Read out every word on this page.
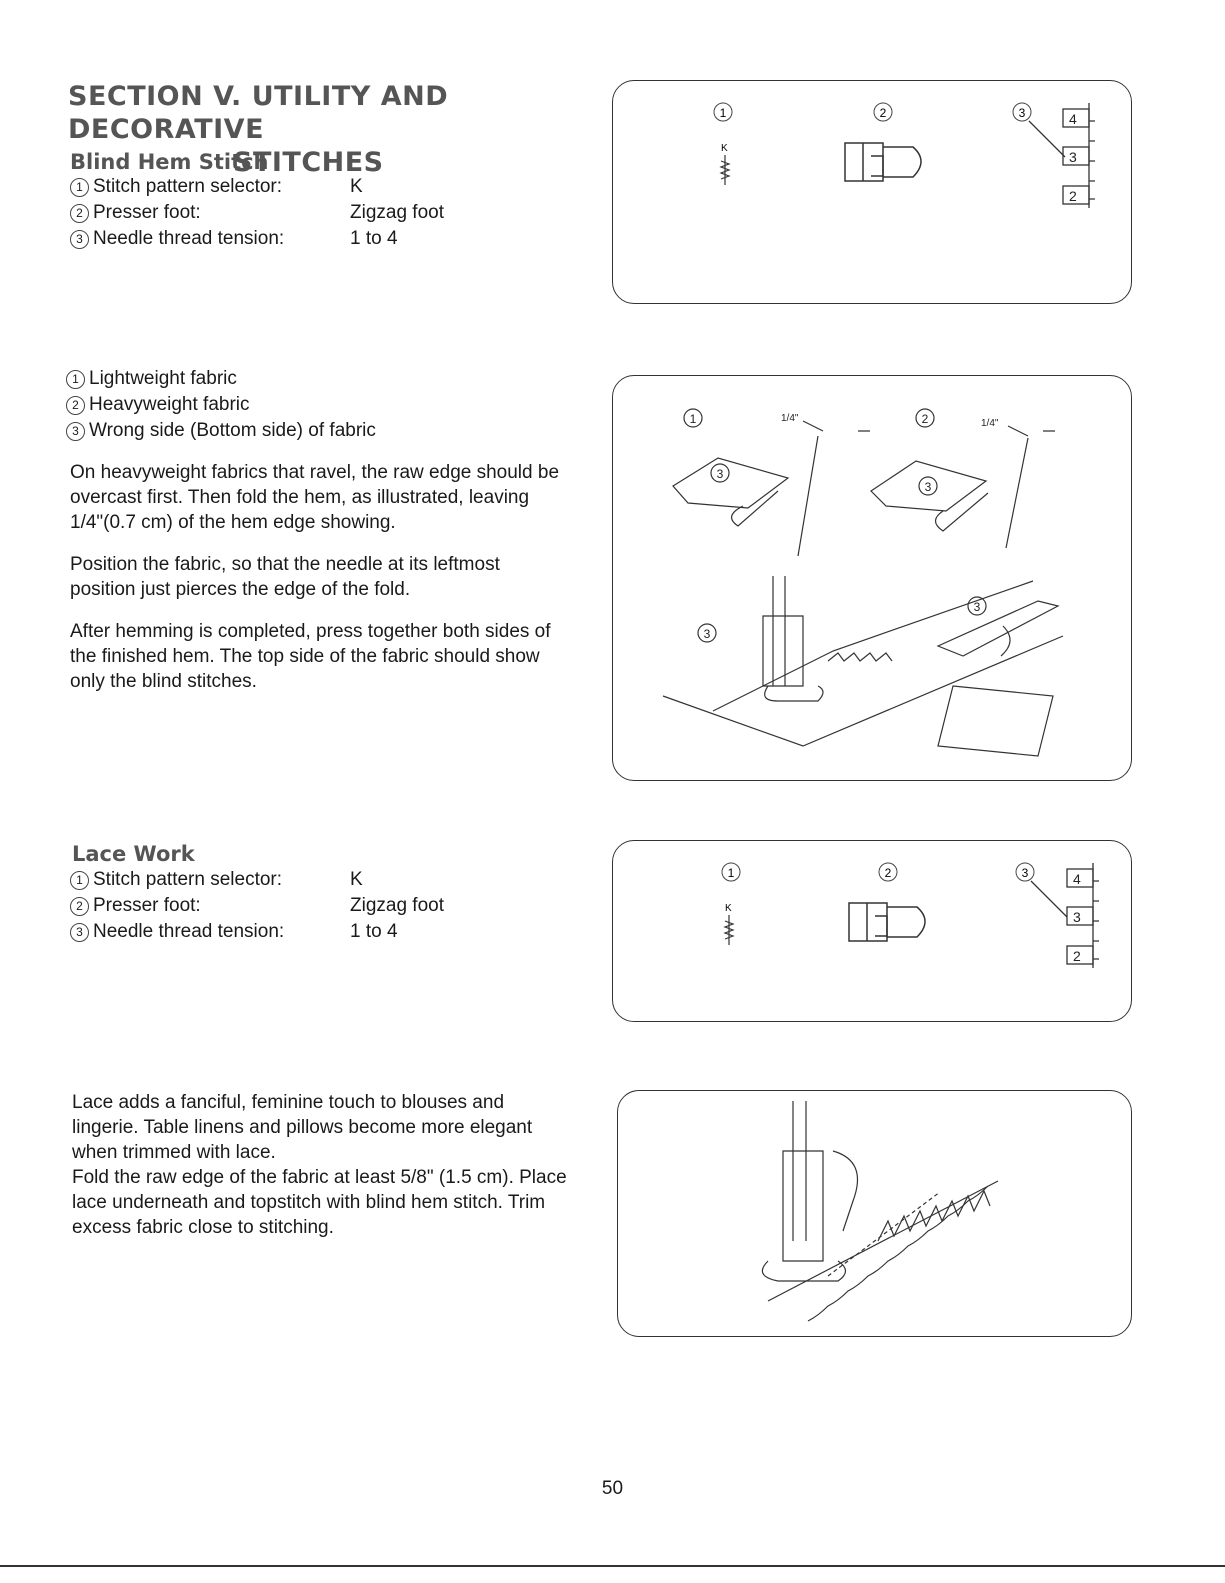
SECTION V. UTILITY AND DECORATIVE
STITCHES
Blind Hem Stitch
1 Stitch pattern selector:	K
2 Presser foot:	Zigzag foot
3 Needle thread tension:	1 to 4
1 Lightweight fabric
2 Heavyweight fabric
3 Wrong side (Bottom side) of fabric

On heavyweight fabrics that ravel, the raw edge should be
overcast first. Then fold the hem, as illustrated, leaving
1/4"(0.7 cm) of the hem edge showing.

Position the fabric, so that the needle at its leftmost
position just pierces the edge of the fold.

After hemming is completed, press together both sides of
the finished hem. The top side of the fabric should show
only the blind stitches.

Lace Work
1 Stitch pattern selector:	K
2 Presser foot:	Zigzag foot
3 Needle thread tension:	1 to 4
Lace adds a fanciful, feminine touch to blouses and
lingerie. Table linens and pillows become more elegant
when trimmed with lace.
Fold the raw edge of the fabric at least 5/8" (1.5 cm). Place
lace underneath and topstitch with blind hem stitch. Trim
excess fabric close to stitching.
1	2	3
K
4
3
2
1	2
1/4"	1/4"
3
3
3
3
1	2	3
K
4
3
2
50
